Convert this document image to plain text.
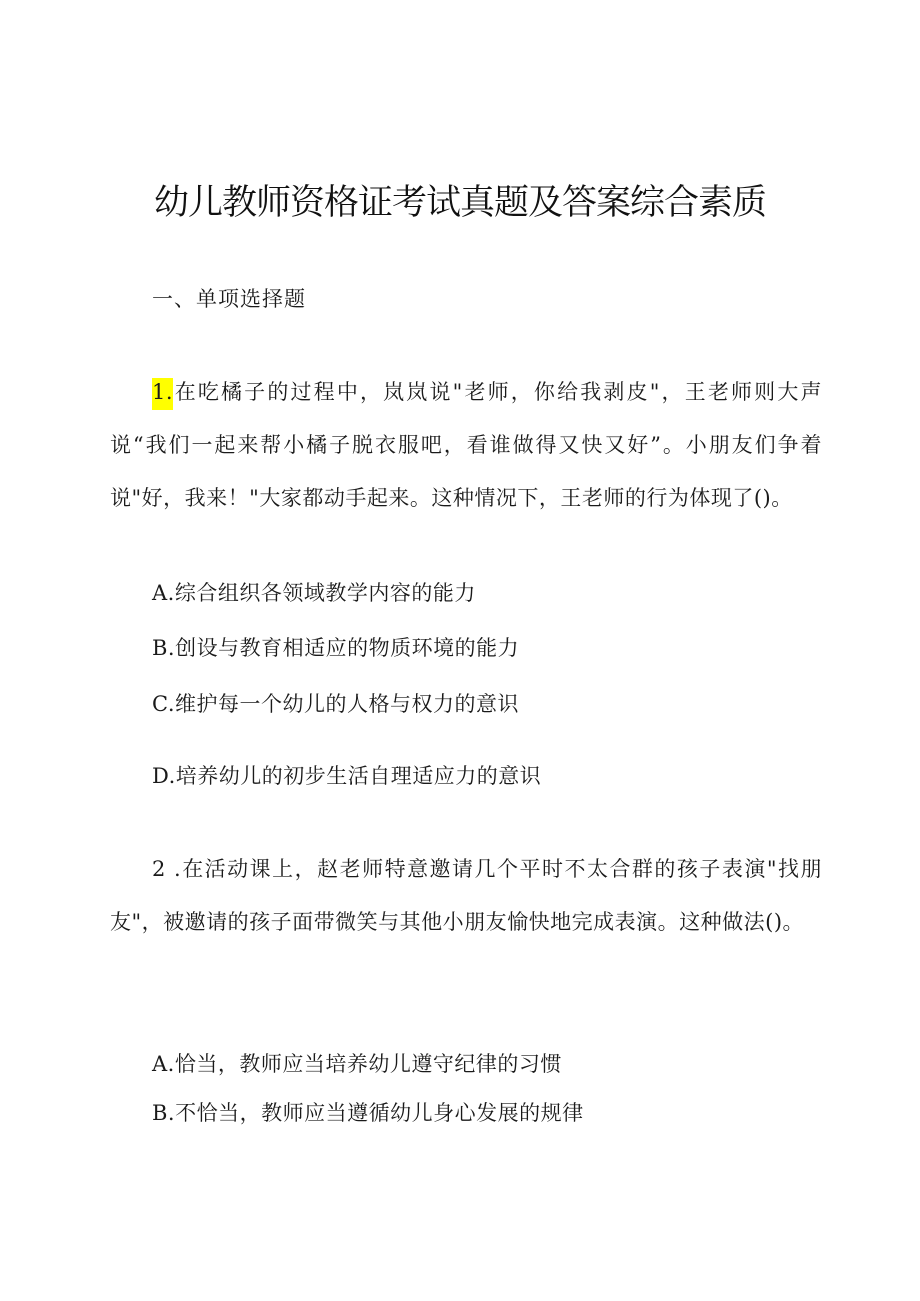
幼儿教师资格证考试真题及答案综合素质
一、单项选择题
1.在吃橘子的过程中，岚岚说"老师，你给我剥皮"，王老师则大声说“我们一起来帮小橘子脱衣服吧，看谁做得又快又好”。小朋友们争着说"好，我来！"大家都动手起来。这种情况下，王老师的行为体现了()。
A.综合组织各领域教学内容的能力
B.创设与教育相适应的物质环境的能力
C.维护每一个幼儿的人格与权力的意识
D.培养幼儿的初步生活自理适应力的意识
2 .在活动课上，赵老师特意邀请几个平时不太合群的孩子表演"找朋友"，被邀请的孩子面带微笑与其他小朋友愉快地完成表演。这种做法()。
A.恰当，教师应当培养幼儿遵守纪律的习惯
B.不恰当，教师应当遵循幼儿身心发展的规律
